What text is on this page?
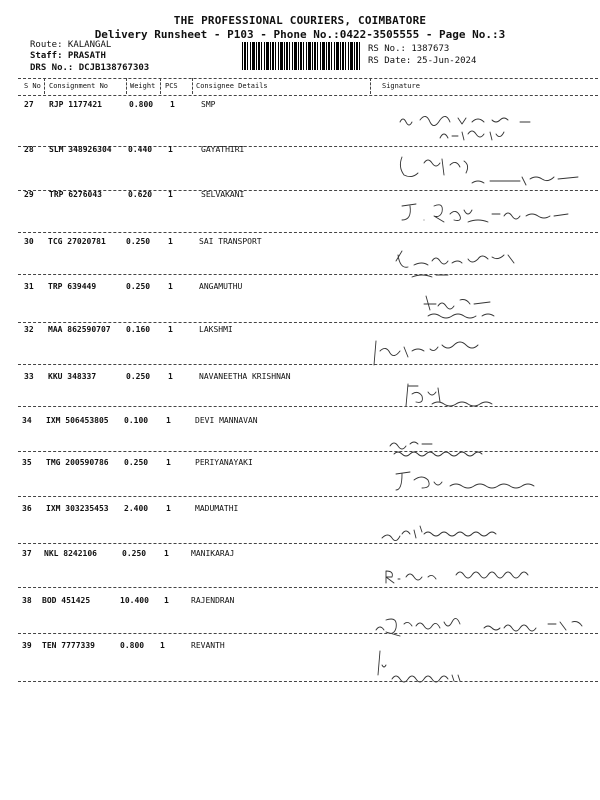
THE PROFESSIONAL COURIERS, COIMBATORE
Delivery Runsheet - P103 - Phone No.:0422-3505555 - Page No.:3
Route: KALANGAL
Staff: PRASATH
DRS No.: DCJB138767303
RS No.: 1387673
RS Date: 25-Jun-2024
S No Consignment No	Weight PCS	Consignee Details	Signature
27 RJP 1177421	0.800 1	SMP
28 SLM 348926304 0.440 1	GAYATHIRI
29 TRP 6276043	0.620 1	SELVAKANI
30 TCG 27020781	0.250 1	SAI TRANSPORT
31 TRP 639449	0.250 1	ANGAMUTHU
32 MAA 862590707 0.160 1	LAKSHMI
33 KKU 348337	0.250 1	NAVANEETHA KRISHNAN
34 IXM 506453805 0.100 1	DEVI MANNAVAN
35 TMG 200590786 0.250 1	PERIYANAYAKI
36 IXM 303235453 2.400 1	MADUMATHI
37 NKL 8242106	0.250 1	MANIKARAJ
38 BOD 451425	10.400 1	RAJENDRAN
39 TEN 7777339	0.800 1	REVANTH
